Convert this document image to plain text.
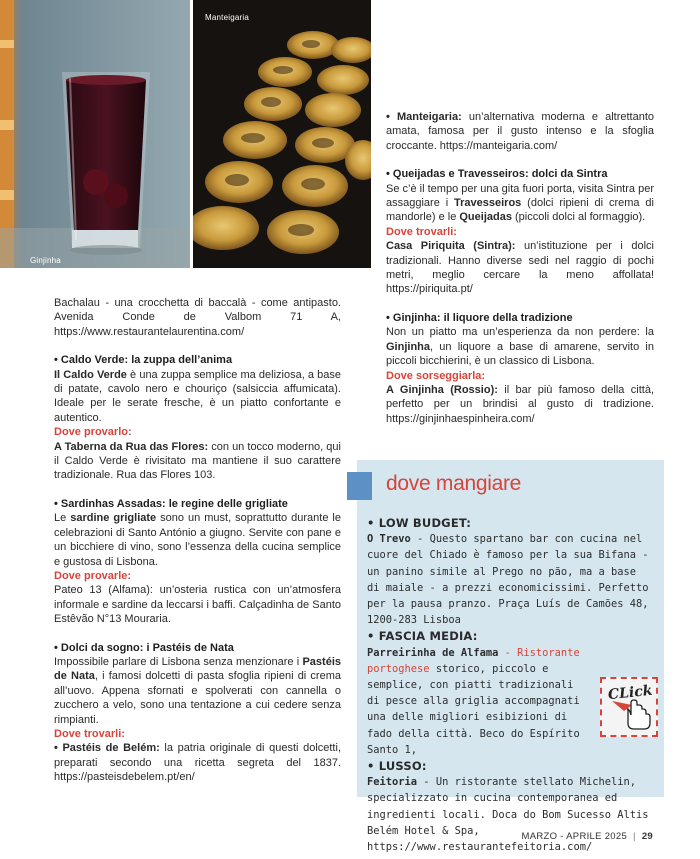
Ginjinha
Manteigaria

Bachalau - una crocchetta di baccalà - come antipasto. Avenida Conde de Valbom 71 A, https://www.restaurantelaurentina.com/

• Caldo Verde: la zuppa dell’anima

Il Caldo Verde è una zuppa semplice ma deliziosa, a base di patate, cavolo nero e chouriço (salsiccia affumicata). Ideale per le serate fresche, è un piatto confortante e autentico.

Dove provarlo:

A Taberna da Rua das Flores: con un tocco moderno, qui il Caldo Verde è rivisitato ma mantiene il suo carattere tradizionale. Rua das Flores 103.

• Sardinhas Assadas: le regine delle grigliate

Le sardine grigliate sono un must, soprattutto durante le celebrazioni di Santo António a giugno. Servite con pane e un bicchiere di vino, sono l’essenza della cucina semplice e gustosa di Lisbona.

Dove provarle:

Pateo 13 (Alfama): un’osteria rustica con un’atmosfera informale e sardine da leccarsi i baffi. Calçadinha de Santo Estêvão N°13 Mouraria.

• Dolci da sogno: i Pastéis de Nata

Impossibile parlare di Lisbona senza menzionare i Pastéis de Nata, i famosi dolcetti di pasta sfoglia ripieni di crema all’uovo. Appena sfornati e spolverati con cannella o zucchero a velo, sono una tentazione a cui cedere senza rimpianti.

Dove trovarli:

• Pastéis de Belém: la patria originale di questi dolcetti, preparati secondo una ricetta segreta del 1837. https://pasteisdebelem.pt/en/

• Manteigaria: un’alternativa moderna e altrettanto amata, famosa per il gusto intenso e la sfoglia croccante. https://manteigaria.com/

• Queijadas e Travesseiros: dolci da Sintra

Se c’è il tempo per una gita fuori porta, visita Sintra per assaggiare i Travesseiros (dolci ripieni di crema di mandorle) e le Queijadas (piccoli dolci al formaggio).

Dove trovarli:

Casa Piriquita (Sintra): un’istituzione per i dolci tradizionali. Hanno diverse sedi nel raggio di pochi metri, meglio cercare la meno affollata! https://piriquita.pt/

• Ginjinha: il liquore della tradizione

Non un piatto ma un’esperienza da non perdere: la Ginjinha, un liquore a base di amarene, servito in piccoli bicchierini, è un classico di Lisbona.

Dove sorseggiarla:

A Ginjinha (Rossio): il bar più famoso della città, perfetto per un brindisi al gusto di tradizione. https://ginjinhaespinheira.com/

dove mangiare
• LOW BUDGET:
O Trevo - Questo spartano bar con cucina nel cuore del Chiado è famoso per la sua Bifana - un panino simile al Prego no pão, ma a base di maiale - a prezzi economicissimi. Perfetto per la pausa pranzo. Praça Luís de Camões 48, 1200-283 Lisboa
• FASCIA MEDIA:
Parreirinha de Alfama - Ristorante portoghese storico, piccolo e semplice, con piatti tradizionali di pesce alla griglia accompagnati una delle migliori esibizioni di fado della città. Beco do Espírito Santo 1,
• LUSSO:
Feitoria - Un ristorante stellato Michelin, specializzato in cucina contemporanea ed ingredienti locali. Doca do Bom Sucesso Altis Belém Hotel & Spa, https://www.restaurantefeitoria.com/
CLick
MARZO - APRILE 2025 | 29
